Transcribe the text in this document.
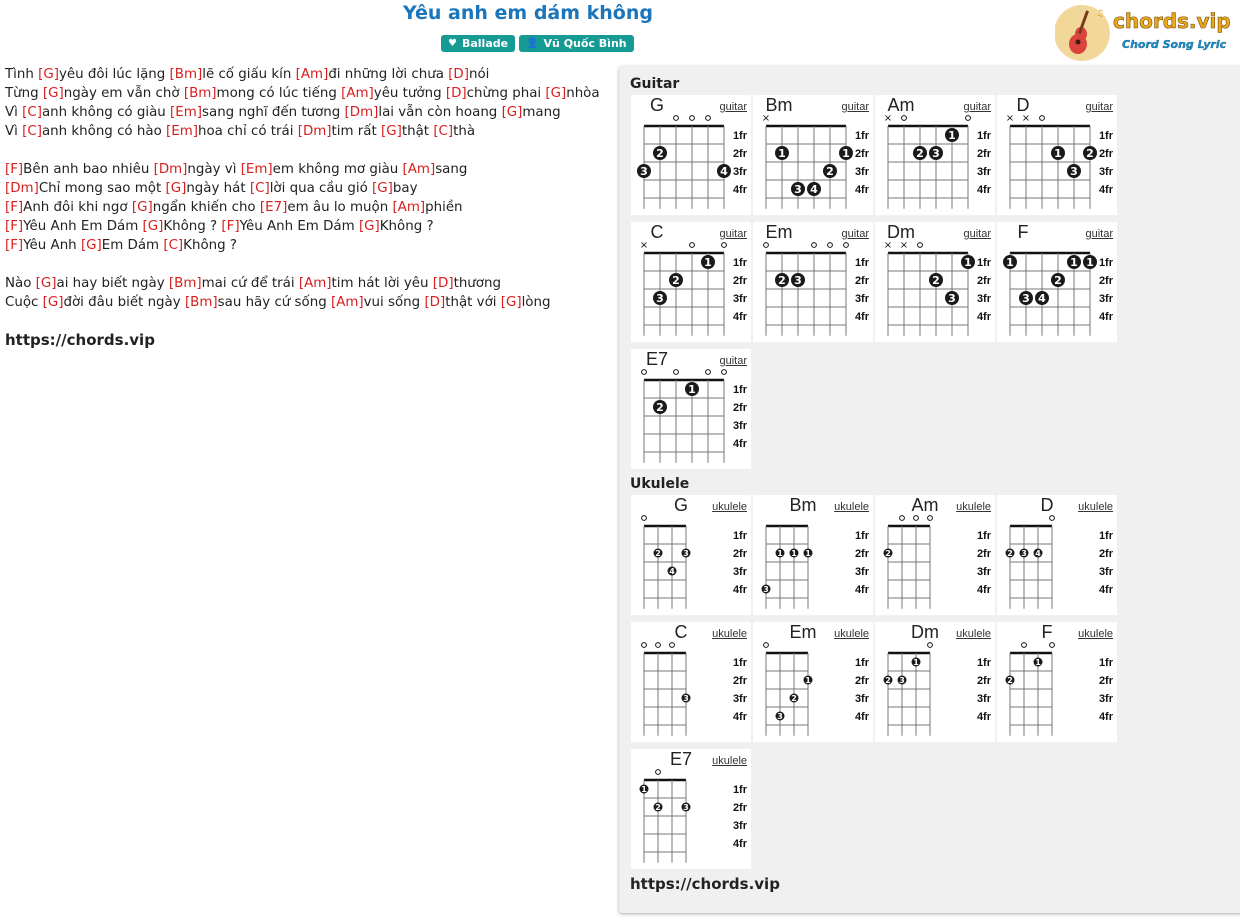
Yêu anh em dám không
♥ Ballade 👤 Vũ Quốc Bình
♫ chords.vip
Chord Song Lyric
Tình [G]yêu đôi lúc lặng [Bm]lẽ cố giấu kín [Am]đi những lời chưa [D]nói
Từng [G]ngày em vẫn chờ [Bm]mong có lúc tiếng [Am]yêu tưởng [D]chừng phai [G]nhòa
Vì [C]anh không có giàu [Em]sang nghĩ đến tương [Dm]lai vẫn còn hoang [G]mang
Vì [C]anh không có hào [Em]hoa chỉ có trái [Dm]tim rất [G]thật [C]thà
[F]Bên anh bao nhiêu [Dm]ngày vì [Em]em không mơ giàu [Am]sang
[Dm]Chỉ mong sao một [G]ngày hát [C]lời qua cầu gió [G]bay
[F]Anh đôi khi ngơ [G]ngẩn khiến cho [E7]em âu lo muộn [Am]phiền
[F]Yêu Anh Em Dám [G]Không ? [F]Yêu Anh Em Dám [G]Không ?
[F]Yêu Anh [G]Em Dám [C]Không ?
Nào [G]ai hay biết ngày [Bm]mai cứ để trái [Am]tim hát lời yêu [D]thương
Cuộc [G]đời đâu biết ngày [Bm]sau hãy cứ sống [Am]vui sống [D]thật với [G]lòng
https://chords.vip
Guitar
3
2
4
1fr
2fr
3fr
4fr
G	guitar
×
1	1
3 4
2
1fr
2fr
3fr
4fr
Bm	guitar
×
2 3
1 1fr
2fr
3fr
4fr
Am	guitar
× ×
1
3
2
1fr
2fr
3fr
4fr
D	guitar
×
3
2
1 1fr
2fr
3fr
4fr
C	guitar
2 3
1fr
2fr
3fr
4fr
Em	guitar
× ×
2
3
1 1fr
2fr
3fr
4fr
Dm	guitar
1
3 4
2
1 1 1fr
2fr
3fr
4fr
F	guitar
2
1	1fr
2fr
3fr
4fr
E7	guitar
Ukulele
2
4
3
1fr
2fr
3fr
4fr
G	ukulele
3
1 1 1
1fr
2fr
3fr
4fr
Bm	ukulele
2
1fr
2fr
3fr
4fr
Am	ukulele
2 3 4
1fr
2fr
3fr
4fr
D	ukulele
3
1fr
2fr
3fr
4fr
C	ukulele
3
2
1
1fr
2fr
3fr
4fr
Em	ukulele
2 3
1	1fr
2fr
3fr
4fr
Dm	ukulele
2
1	1fr
2fr
3fr
4fr
F	ukulele
1
2	3
1fr
2fr
3fr
4fr
E7	ukulele
https://chords.vip
